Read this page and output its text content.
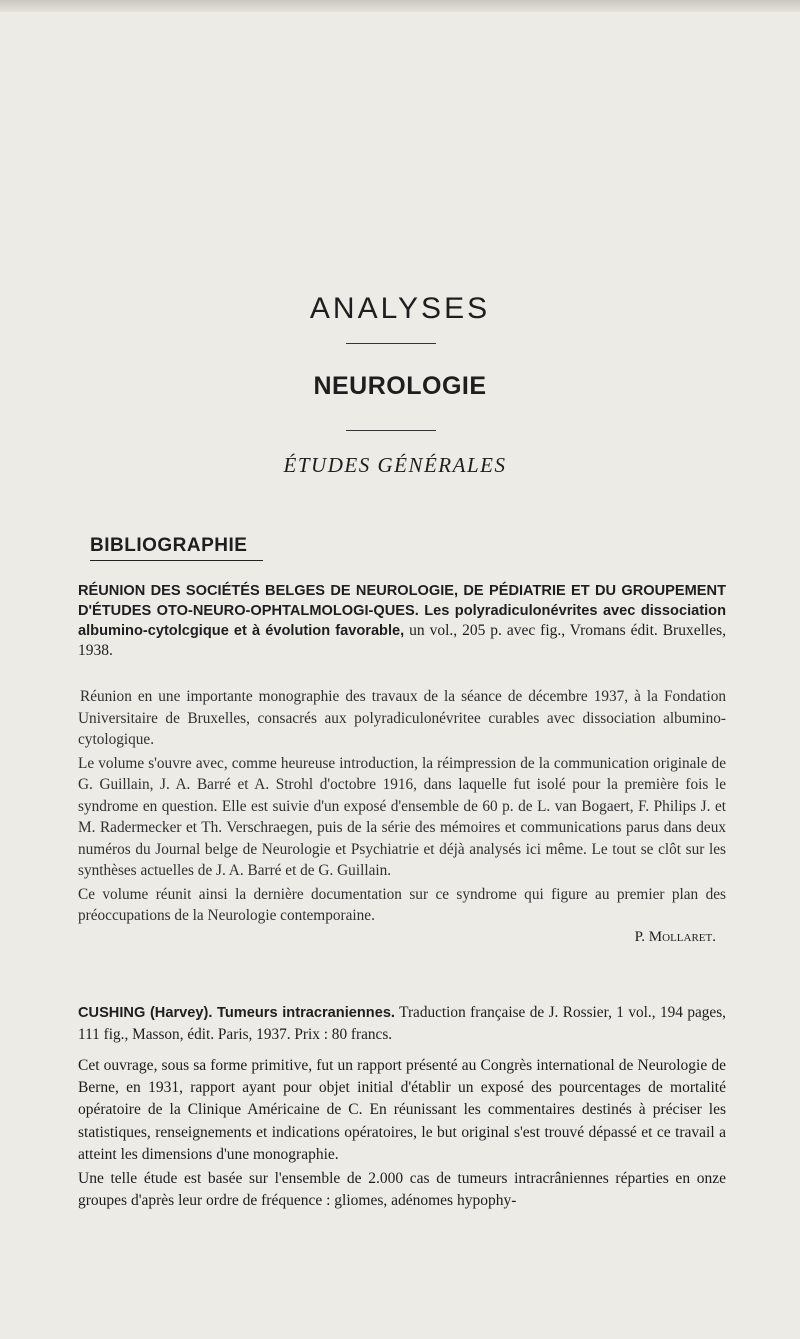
ANALYSES
NEUROLOGIE
ÉTUDES GÉNÉRALES
BIBLIOGRAPHIE

RÉUNION DES SOCIÉTÉS BELGES DE NEUROLOGIE, DE PÉDIATRIE ET DU GROUPEMENT D'ÉTUDES OTO-NEURO-OPHTALMOLOGI-QUES. Les polyradiculonévrites avec dissociation albumino-cytolcgique et à évolution favorable, un vol., 205 p. avec fig., Vromans édit. Bruxelles, 1938.

Réunion en une importante monographie des travaux de la séance de décembre 1937, à la Fondation Universitaire de Bruxelles, consacrés aux polyradiculonévritee curables avec dissociation albumino-cytologique.

Le volume s'ouvre avec, comme heureuse introduction, la réimpression de la communication originale de G. Guillain, J. A. Barré et A. Strohl d'octobre 1916, dans laquelle fut isolé pour la première fois le syndrome en question. Elle est suivie d'un exposé d'ensemble de 60 p. de L. van Bogaert, F. Philips J. et M. Radermecker et Th. Verschraegen, puis de la série des mémoires et communications parus dans deux numéros du Journal belge de Neurologie et Psychiatrie et déjà analysés ici même. Le tout se clôt sur les synthèses actuelles de J. A. Barré et de G. Guillain.

Ce volume réunit ainsi la dernière documentation sur ce syndrome qui figure au premier plan des préoccupations de la Neurologie contemporaine.

P. Mollaret.

CUSHING (Harvey). Tumeurs intracraniennes. Traduction française de J. Rossier, 1 vol., 194 pages, 111 fig., Masson, édit. Paris, 1937. Prix : 80 francs.

Cet ouvrage, sous sa forme primitive, fut un rapport présenté au Congrès international de Neurologie de Berne, en 1931, rapport ayant pour objet initial d'établir un exposé des pourcentages de mortalité opératoire de la Clinique Américaine de C. En réunissant les commentaires destinés à préciser les statistiques, renseignements et indications opératoires, le but original s'est trouvé dépassé et ce travail a atteint les dimensions d'une monographie.

Une telle étude est basée sur l'ensemble de 2.000 cas de tumeurs intracrâniennes réparties en onze groupes d'après leur ordre de fréquence : gliomes, adénomes hypophy-
